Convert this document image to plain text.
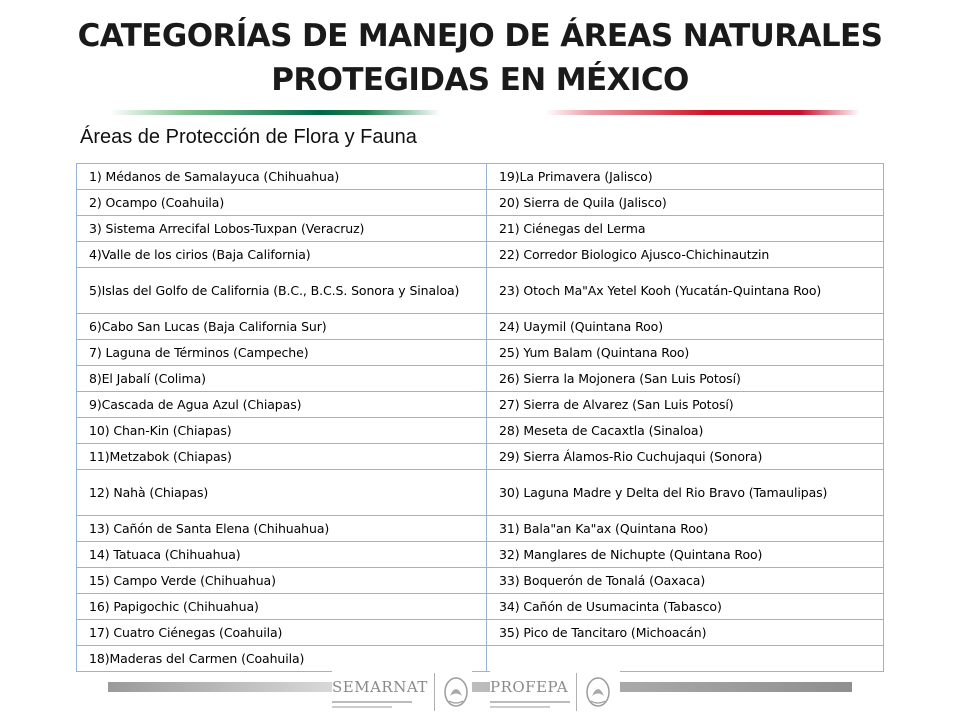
CATEGORÍAS DE MANEJO DE ÁREAS NATURALES
PROTEGIDAS EN MÉXICO
Áreas de Protección de Flora y Fauna
1) Médanos de Samalayuca (Chihuahua)	19)La Primavera (Jalisco)
2) Ocampo (Coahuila)	20) Sierra de Quila (Jalisco)
3) Sistema Arrecifal Lobos-Tuxpan (Veracruz)	21) Ciénegas del Lerma
4)Valle de los cirios (Baja California)	22) Corredor Biologico Ajusco-Chichinautzin
5)Islas del Golfo de California (B.C., B.C.S. Sonora y Sinaloa)	23) Otoch Ma"Ax Yetel Kooh (Yucatán-Quintana Roo)
6)Cabo San Lucas (Baja California Sur)	24) Uaymil (Quintana Roo)
7) Laguna de Términos (Campeche)	25) Yum Balam (Quintana Roo)
8)El Jabalí (Colima)	26) Sierra la Mojonera (San Luis Potosí)
9)Cascada de Agua Azul (Chiapas)	27) Sierra de Alvarez (San Luis Potosí)
10) Chan-Kin (Chiapas)	28) Meseta de Cacaxtla (Sinaloa)
11)Metzabok (Chiapas)	29) Sierra Álamos-Rio Cuchujaqui (Sonora)
12) Nahà (Chiapas)	30) Laguna Madre y Delta del Rio Bravo (Tamaulipas)
13) Cañón de Santa Elena (Chihuahua)	31) Bala"an Ka"ax (Quintana Roo)
14) Tatuaca (Chihuahua)	32) Manglares de Nichupte (Quintana Roo)
15) Campo Verde (Chihuahua)	33) Boquerón de Tonalá (Oaxaca)
16) Papigochic (Chihuahua)	34) Cañón de Usumacinta (Tabasco)
17) Cuatro Ciénegas (Coahuila)	35) Pico de Tancitaro (Michoacán)
18)Maderas del Carmen (Coahuila)	
SEMARNAT	PROFEPA
